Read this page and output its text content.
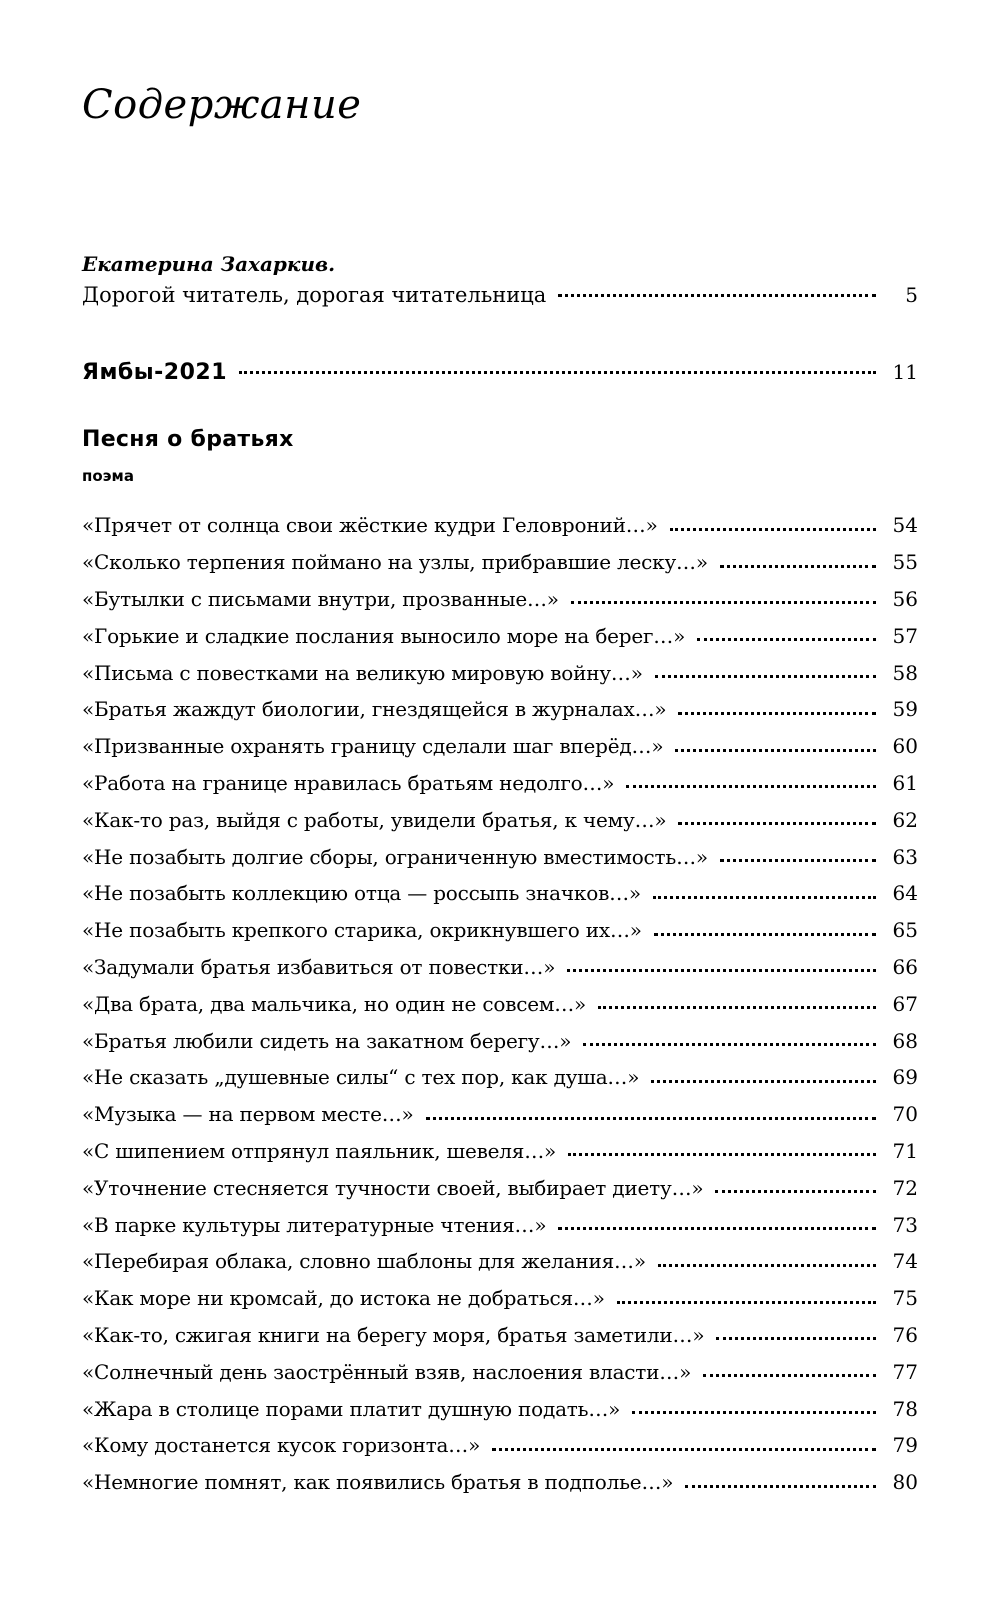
Содержание
Екатерина Захаркив.
Дорогой читатель, дорогая читательница	5
Ямбы-2021	11
Песня о братьях
поэма
«Прячет от солнца свои жёсткие кудри Геловроний…»	54
«Сколько терпения поймано на узлы, прибравшие леску…»	55
«Бутылки с письмами внутри, прозванные…»	56
«Горькие и сладкие послания выносило море на берег…»	57
«Письма с повестками на великую мировую войну…»	58
«Братья жаждут биологии, гнездящейся в журналах…»	59
«Призванные охранять границу сделали шаг вперёд…»	60
«Работа на границе нравилась братьям недолго…»	61
«Как-то раз, выйдя с работы, увидели братья, к чему…»	62
«Не позабыть долгие сборы, ограниченную вместимость…»	63
«Не позабыть коллекцию отца — россыпь значков…»	64
«Не позабыть крепкого старика, окрикнувшего их…»	65
«Задумали братья избавиться от повестки…»	66
«Два брата, два мальчика, но один не совсем…»	67
«Братья любили сидеть на закатном берегу…»	68
«Не сказать „душевные силы“ с тех пор, как душа…»	69
«Музыка — на первом месте…»	70
«С шипением отпрянул паяльник, шевеля…»	71
«Уточнение стесняется тучности своей, выбирает диету…»	72
«В парке культуры литературные чтения…»	73
«Перебирая облака, словно шаблоны для желания…»	74
«Как море ни кромсай, до истока не добраться…»	75
«Как-то, сжигая книги на берегу моря, братья заметили…»	76
«Солнечный день заострённый взяв, наслоения власти…»	77
«Жара в столице порами платит душную подать…»	78
«Кому достанется кусок горизонта…»	79
«Немногие помнят, как появились братья в подполье…»	80
